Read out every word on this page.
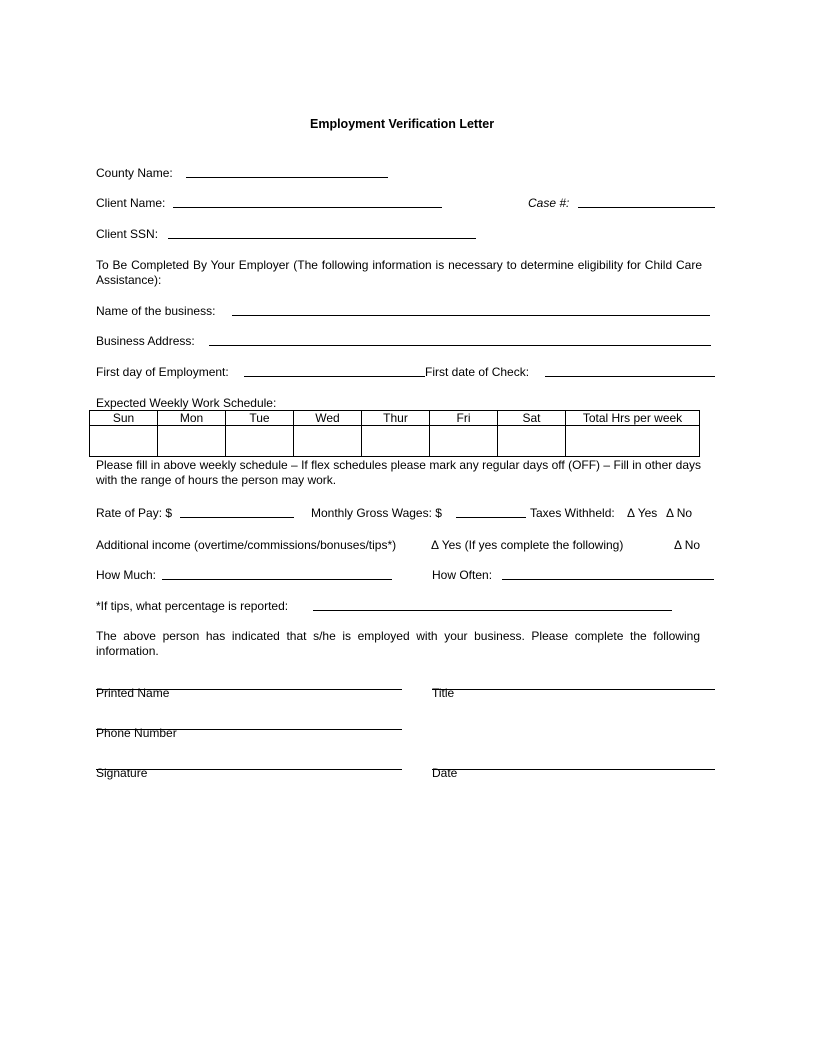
Employment Verification Letter
County Name:
Client Name:	Case #:
Client SSN:
To Be Completed By Your Employer (The following information is necessary to determine eligibility for Child Care Assistance):
Name of the business:
Business Address:
First day of Employment:	First date of Check:
Expected Weekly Work Schedule:
Sun	Mon	Tue	Wed	Thur	Fri	Sat	Total Hrs per week

Please fill in above weekly schedule – If flex schedules please mark any regular days off (OFF) – Fill in other days with the range of hours the person may work.
Rate of Pay: $	Monthly Gross Wages: $	Taxes Withheld: Δ Yes Δ No
Additional income (overtime/commissions/bonuses/tips*)	Δ Yes (If yes complete the following)	Δ No
How Much:	How Often:
*If tips, what percentage is reported:
The above person has indicated that s/he is employed with your business. Please complete the following information.
Printed Name	Title
Phone Number
Signature	Date
